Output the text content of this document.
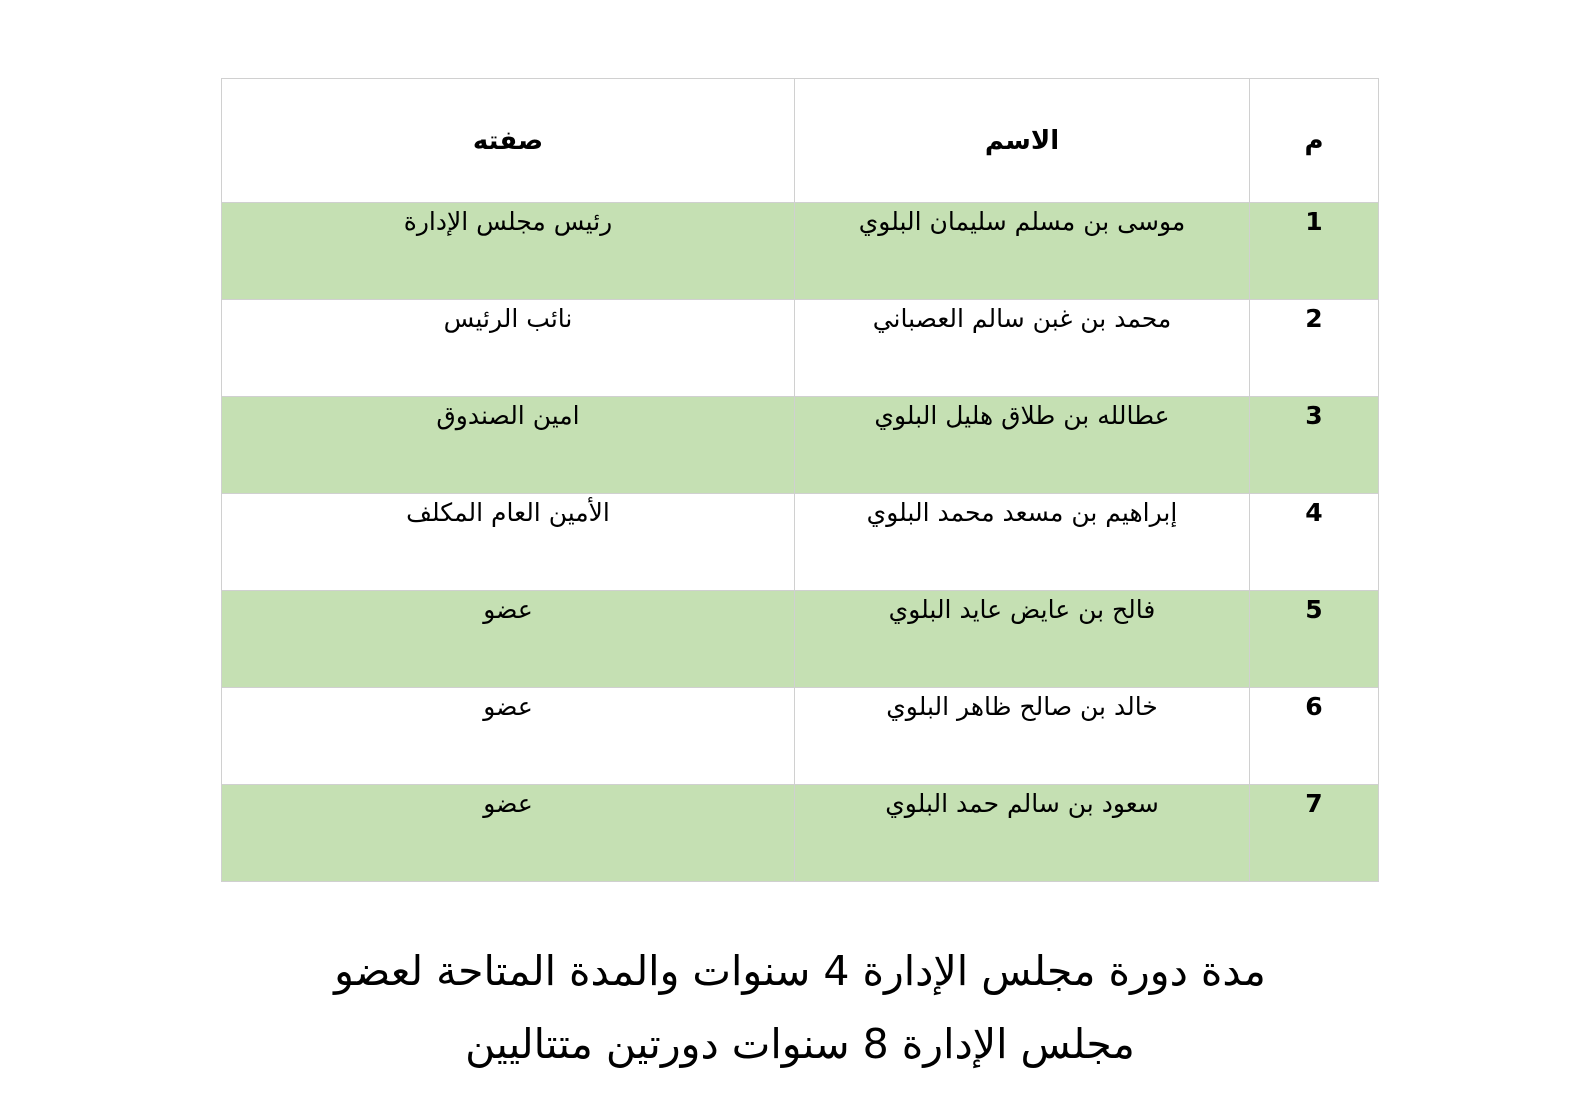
م	الاسم	صفته

1	موسى بن مسلم سليمان البلوي	رئيس مجلس الإدارة

2	محمد بن غبن سالم العصباني	نائب الرئيس

3	عطالله بن طلاق هليل البلوي	امين الصندوق

4	إبراهيم بن مسعد محمد البلوي	الأمين العام المكلف

5	فالح بن عايض عايد البلوي	عضو

6	خالد بن صالح ظاهر البلوي	عضو

7	سعود بن سالم حمد البلوي	عضو
مدة دورة مجلس الإدارة 4 سنوات والمدة المتاحة لعضو
مجلس الإدارة 8 سنوات دورتين متتاليين
